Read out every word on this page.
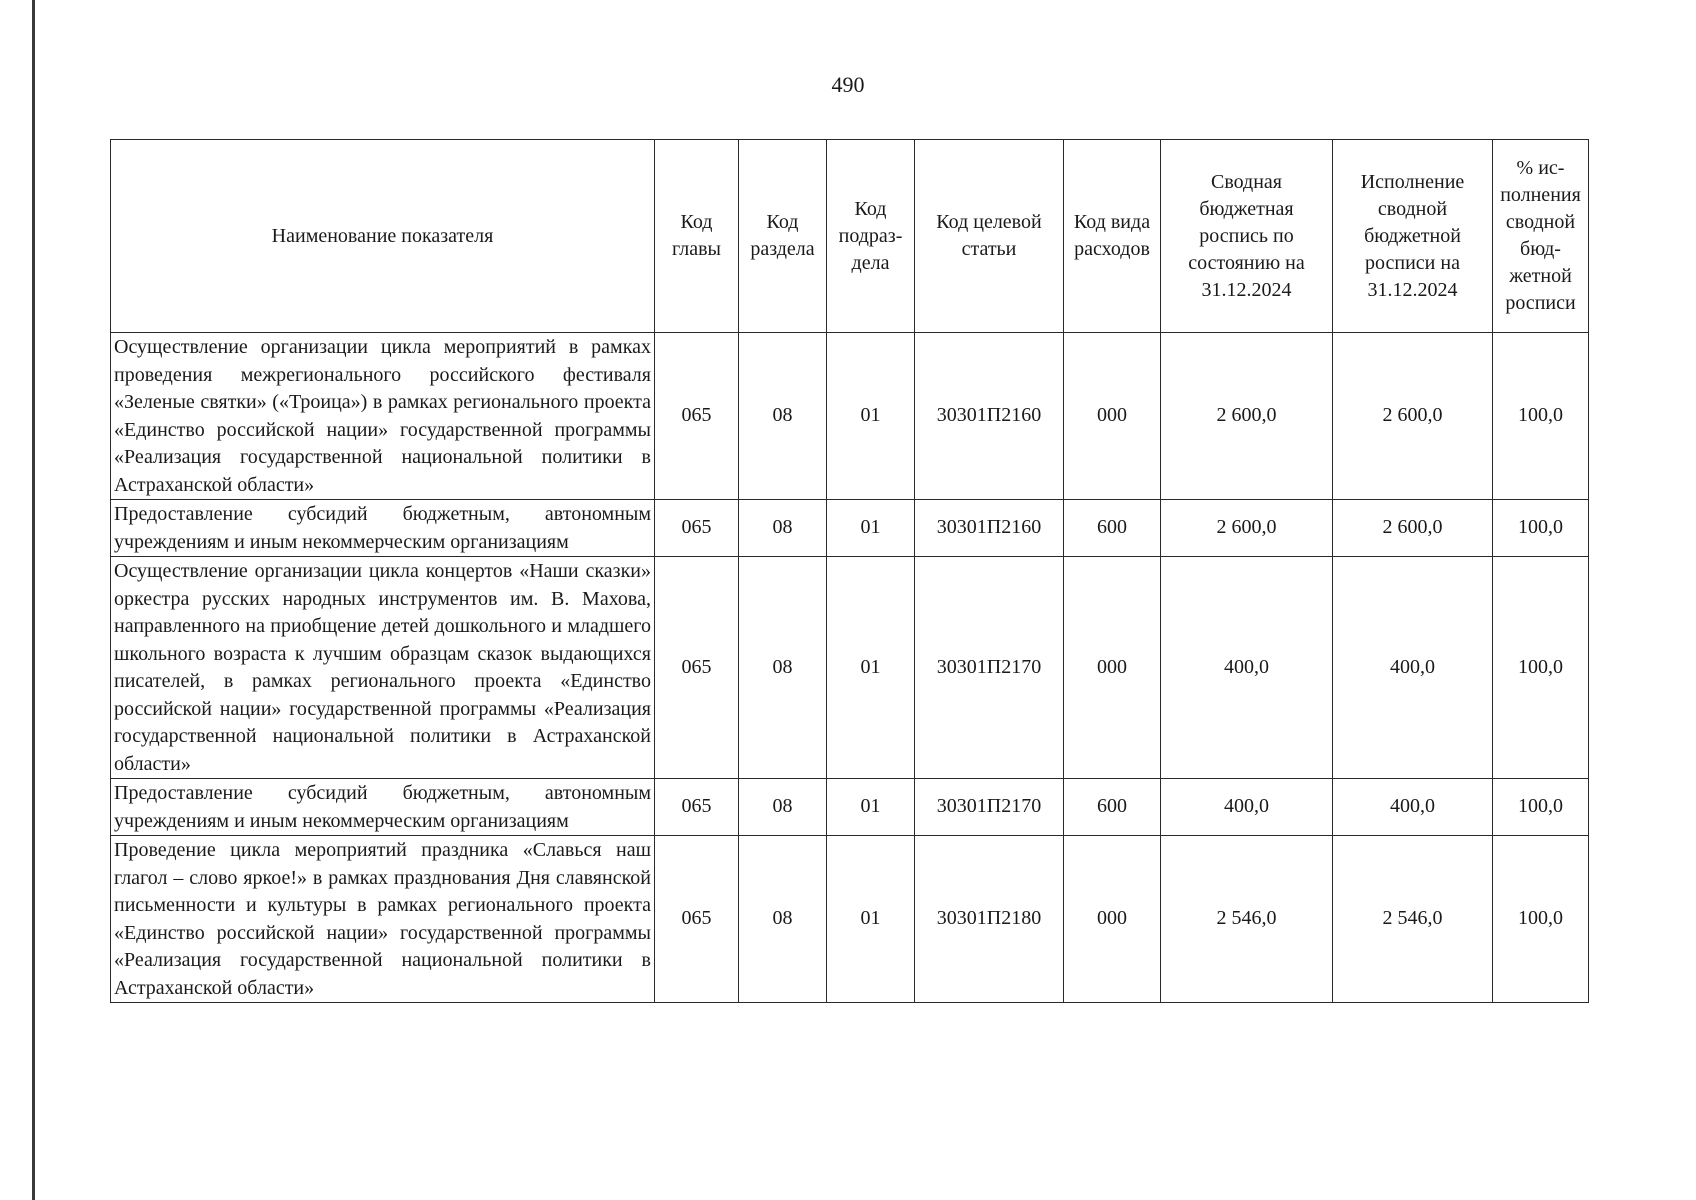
490
Наименование показателя	Код главы	Код раздела	Код подраздела	Код целевой статьи	Код вида расходов	Сводная бюджетная роспись по состоянию на 31.12.2024	Исполнение сводной бюджетной росписи на 31.12.2024	% исполнения сводной бюджетной росписи
Осуществление организации цикла мероприятий в рамках проведения межрегионального российского фестиваля «Зеленые святки» («Троица») в рамках регионального проекта «Единство российской нации» государственной программы «Реализация государственной национальной политики в Астраханской области»	065	08	01	30301П2160	000	2 600,0	2 600,0	100,0
Предоставление субсидий бюджетным, автономным учреждениям и иным некоммерческим организациям	065	08	01	30301П2160	600	2 600,0	2 600,0	100,0
Осуществление организации цикла концертов «Наши сказки» оркестра русских народных инструментов им. В. Махова, направленного на приобщение детей дошкольного и младшего школьного возраста к лучшим образцам сказок выдающихся писателей, в рамках регионального проекта «Единство российской нации» государственной программы «Реализация государственной национальной политики в Астраханской области»	065	08	01	30301П2170	000	400,0	400,0	100,0
Предоставление субсидий бюджетным, автономным учреждениям и иным некоммерческим организациям	065	08	01	30301П2170	600	400,0	400,0	100,0
Проведение цикла мероприятий праздника «Славься наш глагол – слово яркое!» в рамках празднования Дня славянской письменности и культуры в рамках регионального проекта «Единство российской нации» государственной программы «Реализация государственной национальной политики в Астраханской области»	065	08	01	30301П2180	000	2 546,0	2 546,0	100,0
